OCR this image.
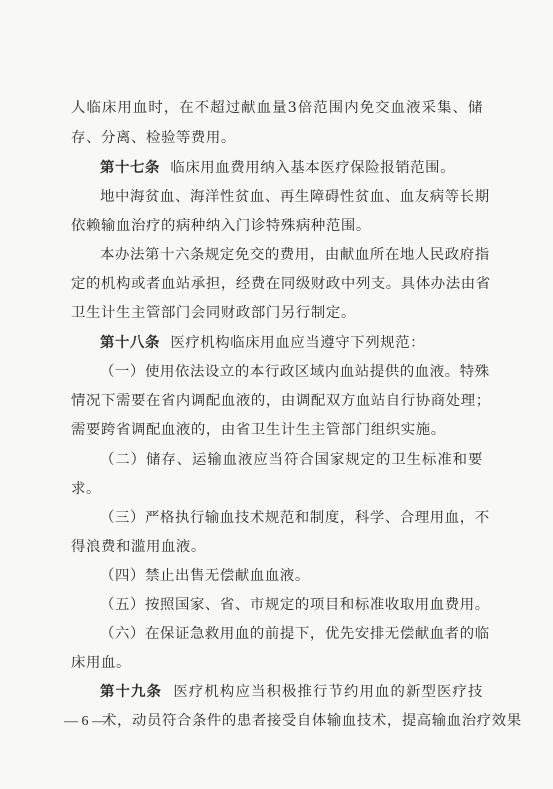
人临床用血时，在不超过献血量3倍范围内免交血液采集、储
存、分离、检验等费用。
第十七条 临床用血费用纳入基本医疗保险报销范围。
地中海贫血、海洋性贫血、再生障碍性贫血、血友病等长期
依赖输血治疗的病种纳入门诊特殊病种范围。
本办法第十六条规定免交的费用，由献血所在地人民政府指
定的机构或者血站承担，经费在同级财政中列支。具体办法由省
卫生计生主管部门会同财政部门另行制定。
第十八条 医疗机构临床用血应当遵守下列规范：
（一）使用依法设立的本行政区域内血站提供的血液。特殊
情况下需要在省内调配血液的，由调配双方血站自行协商处理；
需要跨省调配血液的，由省卫生计生主管部门组织实施。
（二）储存、运输血液应当符合国家规定的卫生标准和要
求。
（三）严格执行输血技术规范和制度，科学、合理用血，不
得浪费和滥用血液。
（四）禁止出售无偿献血血液。
（五）按照国家、省、市规定的项目和标准收取用血费用。
（六）在保证急救用血的前提下，优先安排无偿献血者的临
床用血。
第十九条 医疗机构应当积极推行节约用血的新型医疗技
术，动员符合条件的患者接受自体输血技术，提高输血治疗效果
— 6 —
